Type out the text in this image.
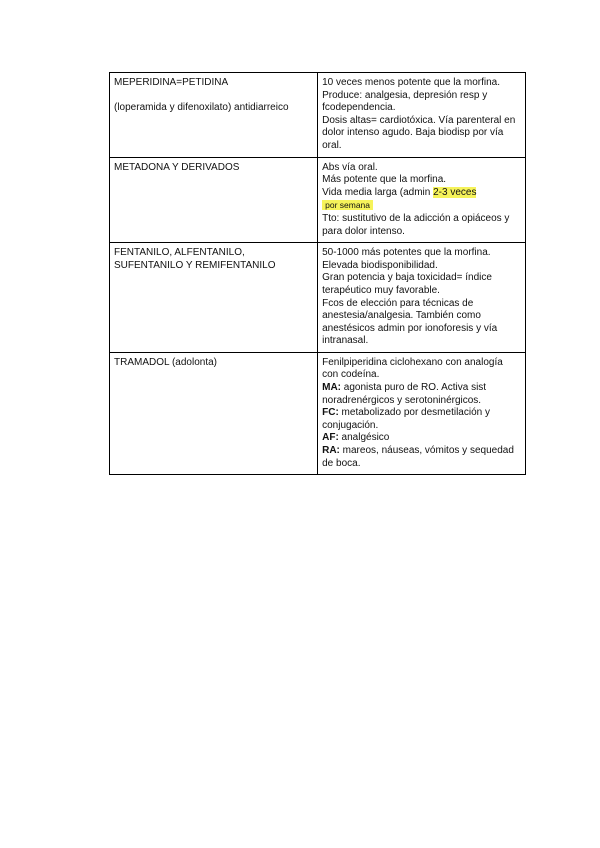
MEPERIDINA=PETIDINA
(loperamida y difenoxilato) antidiarreico	10 veces menos potente que la morfina.
Produce: analgesia, depresión resp y fcodependencia.
Dosis altas= cardiotóxica. Vía parenteral en dolor intenso agudo. Baja biodisp por vía oral.

METADONA Y DERIVADOS	Abs vía oral.
Más potente que la morfina.
Vida media larga (admin 2-3 veces
por semana
Tto: sustitutivo de la adicción a opiáceos y para dolor intenso.

FENTANILO, ALFENTANILO, SUFENTANILO Y REMIFENTANILO	50-1000 más potentes que la morfina.
Elevada biodisponibilidad.
Gran potencia y baja toxicidad= índice terapéutico muy favorable.
Fcos de elección para técnicas de anestesia/analgesia. También como anestésicos admin por ionoforesis y vía intranasal.

TRAMADOL (adolonta)	Fenilpiperidina ciclohexano con analogía con codeína.
MA: agonista puro de RO. Activa sist noradrenérgicos y serotoninérgicos.
FC: metabolizado por desmetilación y conjugación.
AF: analgésico
RA: mareos, náuseas, vómitos y sequedad de boca.
